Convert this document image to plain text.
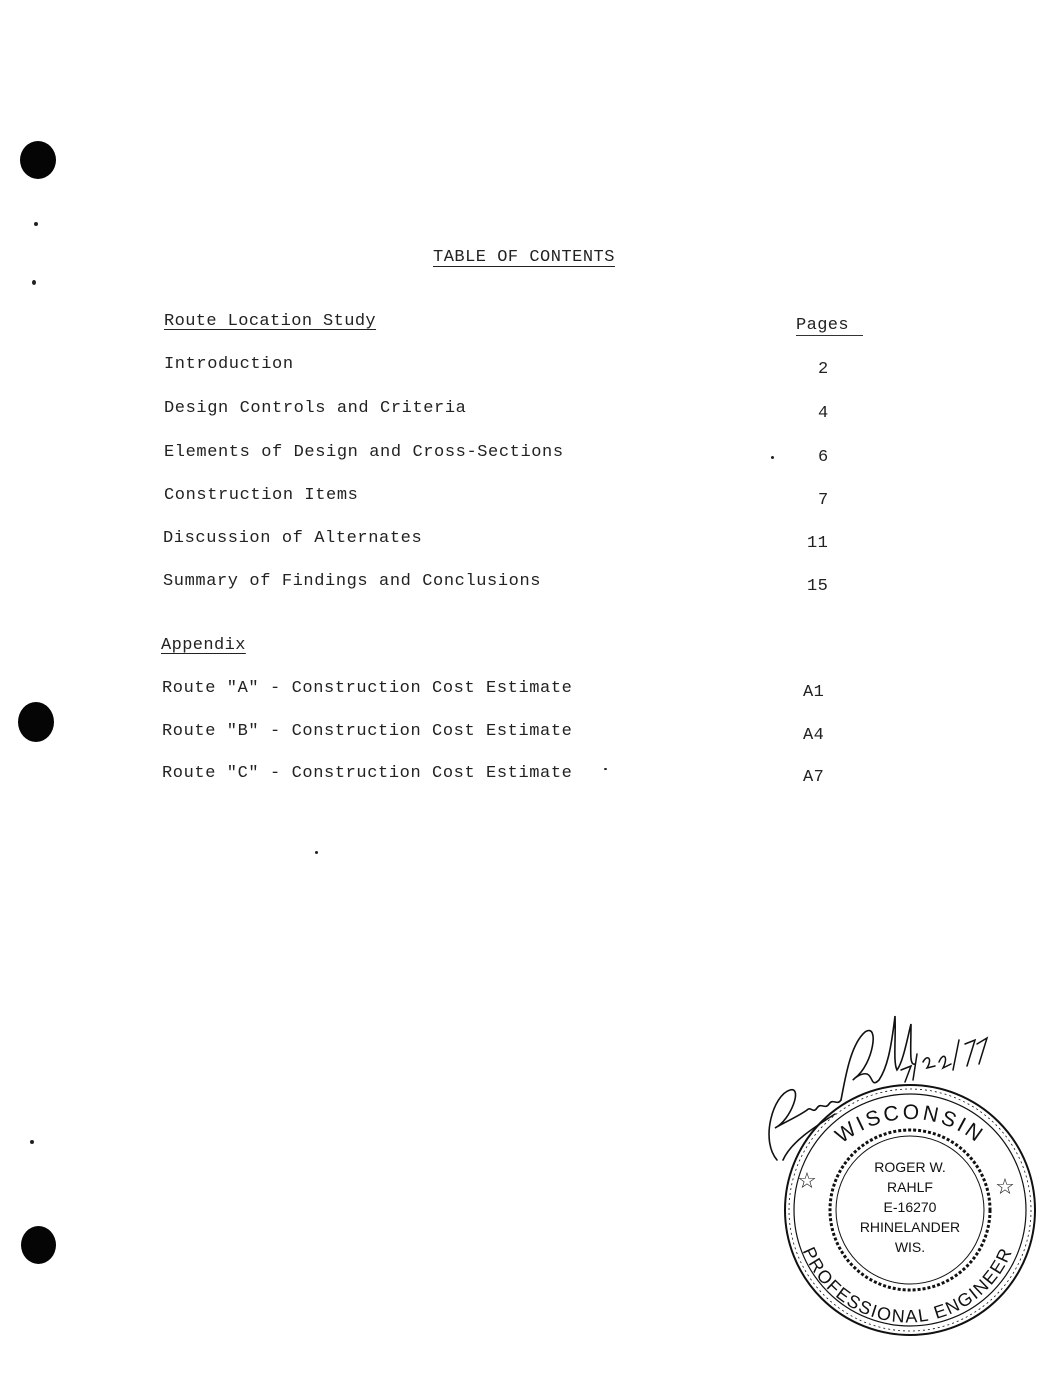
TABLE OF CONTENTS
Route Location Study	Pages
Introduction	2
Design Controls and Criteria	4
Elements of Design and Cross-Sections	6
Construction Items	7
Discussion of Alternates	11
Summary of Findings and Conclusions	15
Appendix
Route "A" - Construction Cost Estimate	A1
Route "B" - Construction Cost Estimate	A4
Route "C" - Construction Cost Estimate	A7
☆	☆
WISCONSIN
PROFESSIONAL ENGINEER
ROGER W.
RAHLF
E-16270
RHINELANDER
WIS.
